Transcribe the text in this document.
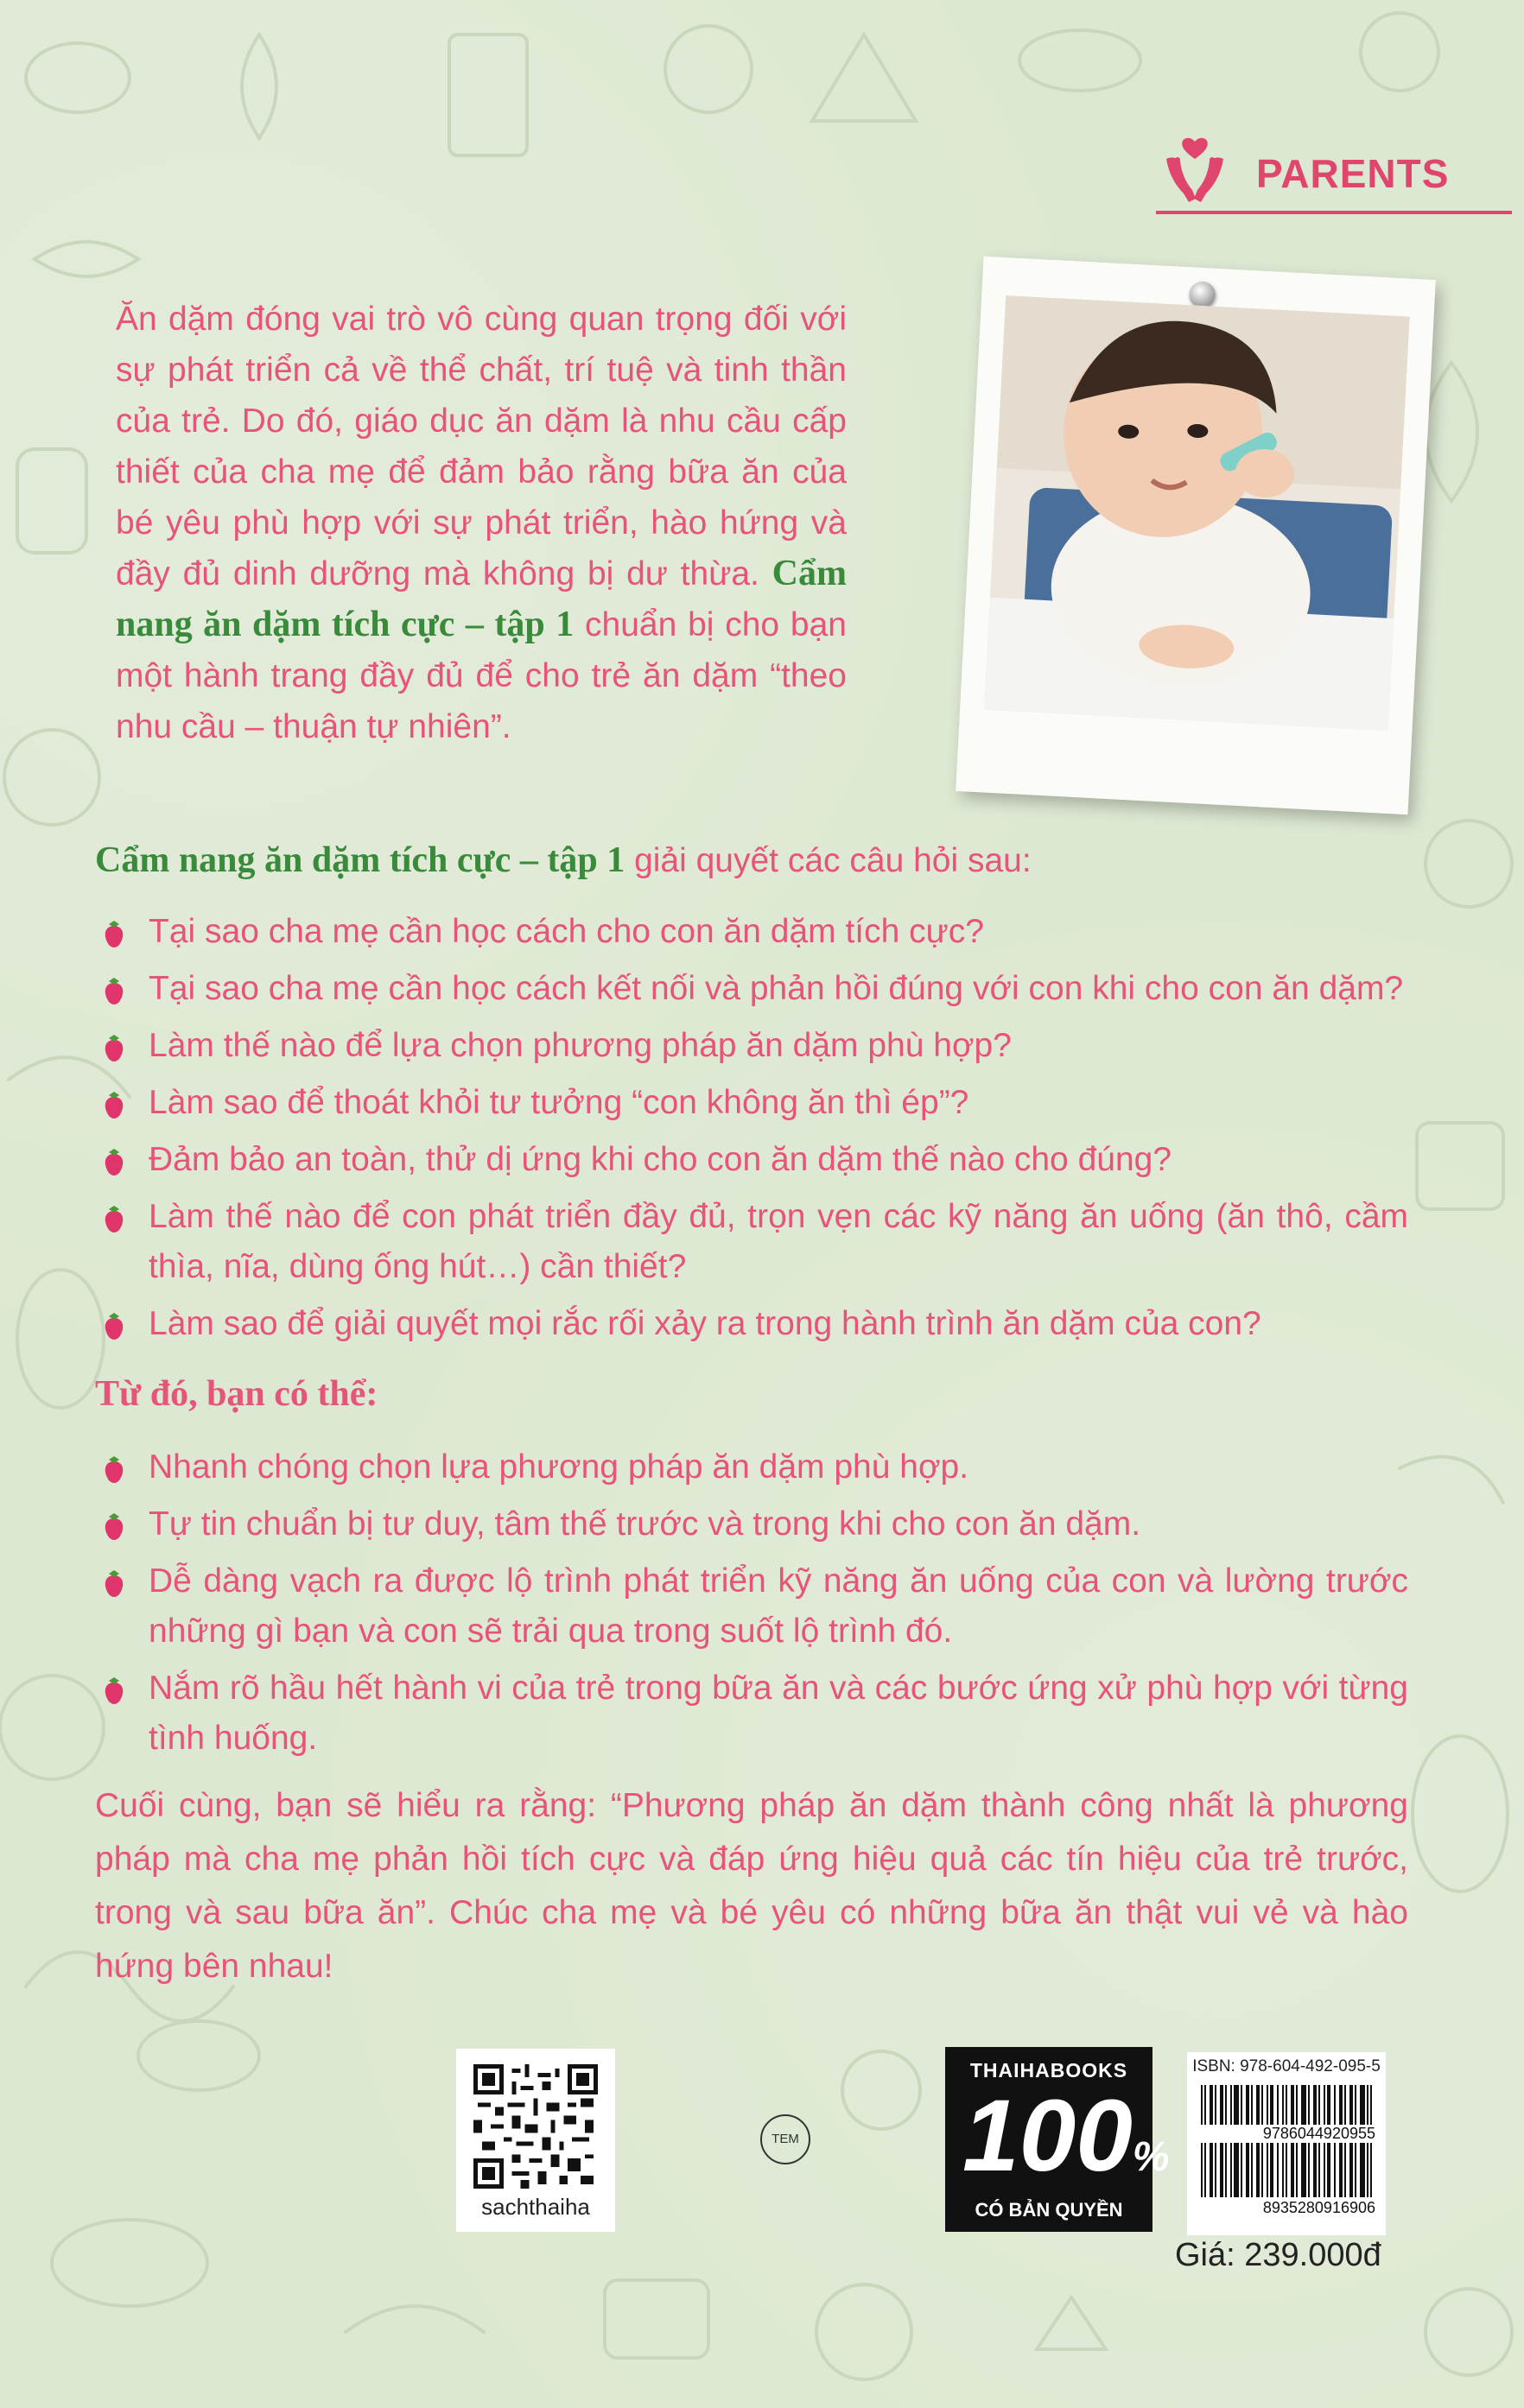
PARENTS

Ăn dặm đóng vai trò vô cùng quan trọng đối với sự phát triển cả về thể chất, trí tuệ và tinh thần của trẻ. Do đó, giáo dục ăn dặm là nhu cầu cấp thiết của cha mẹ để đảm bảo rằng bữa ăn của bé yêu phù hợp với sự phát triển, hào hứng và đầy đủ dinh dưỡng mà không bị dư thừa. Cẩm nang ăn dặm tích cực – tập 1 chuẩn bị cho bạn một hành trang đầy đủ để cho trẻ ăn dặm “theo nhu cầu – thuận tự nhiên”.

Cẩm nang ăn dặm tích cực – tập 1 giải quyết các câu hỏi sau:
Tại sao cha mẹ cần học cách cho con ăn dặm tích cực?
Tại sao cha mẹ cần học cách kết nối và phản hồi đúng với con khi cho con ăn dặm?
Làm thế nào để lựa chọn phương pháp ăn dặm phù hợp?
Làm sao để thoát khỏi tư tưởng “con không ăn thì ép”?
Đảm bảo an toàn, thử dị ứng khi cho con ăn dặm thế nào cho đúng?
Làm thế nào để con phát triển đầy đủ, trọn vẹn các kỹ năng ăn uống (ăn thô, cầm thìa, nĩa, dùng ống hút…) cần thiết?
Làm sao để giải quyết mọi rắc rối xảy ra trong hành trình ăn dặm của con?
Từ đó, bạn có thể:
Nhanh chóng chọn lựa phương pháp ăn dặm phù hợp.
Tự tin chuẩn bị tư duy, tâm thế trước và trong khi cho con ăn dặm.
Dễ dàng vạch ra được lộ trình phát triển kỹ năng ăn uống của con và lường trước những gì bạn và con sẽ trải qua trong suốt lộ trình đó.
Nắm rõ hầu hết hành vi của trẻ trong bữa ăn và các bước ứng xử phù hợp với từng tình huống.
Cuối cùng, bạn sẽ hiểu ra rằng: “Phương pháp ăn dặm thành công nhất là phương pháp mà cha mẹ phản hồi tích cực và đáp ứng hiệu quả các tín hiệu của trẻ trước, trong và sau bữa ăn”. Chúc cha mẹ và bé yêu có những bữa ăn thật vui vẻ và hào hứng bên nhau!
sachthaiha
TEM
THAIHABOOKS
100%
CÓ BẢN QUYỀN
ISBN: 978-604-492-095-5
9786044920955
8935280916906
Giá: 239.000đ
